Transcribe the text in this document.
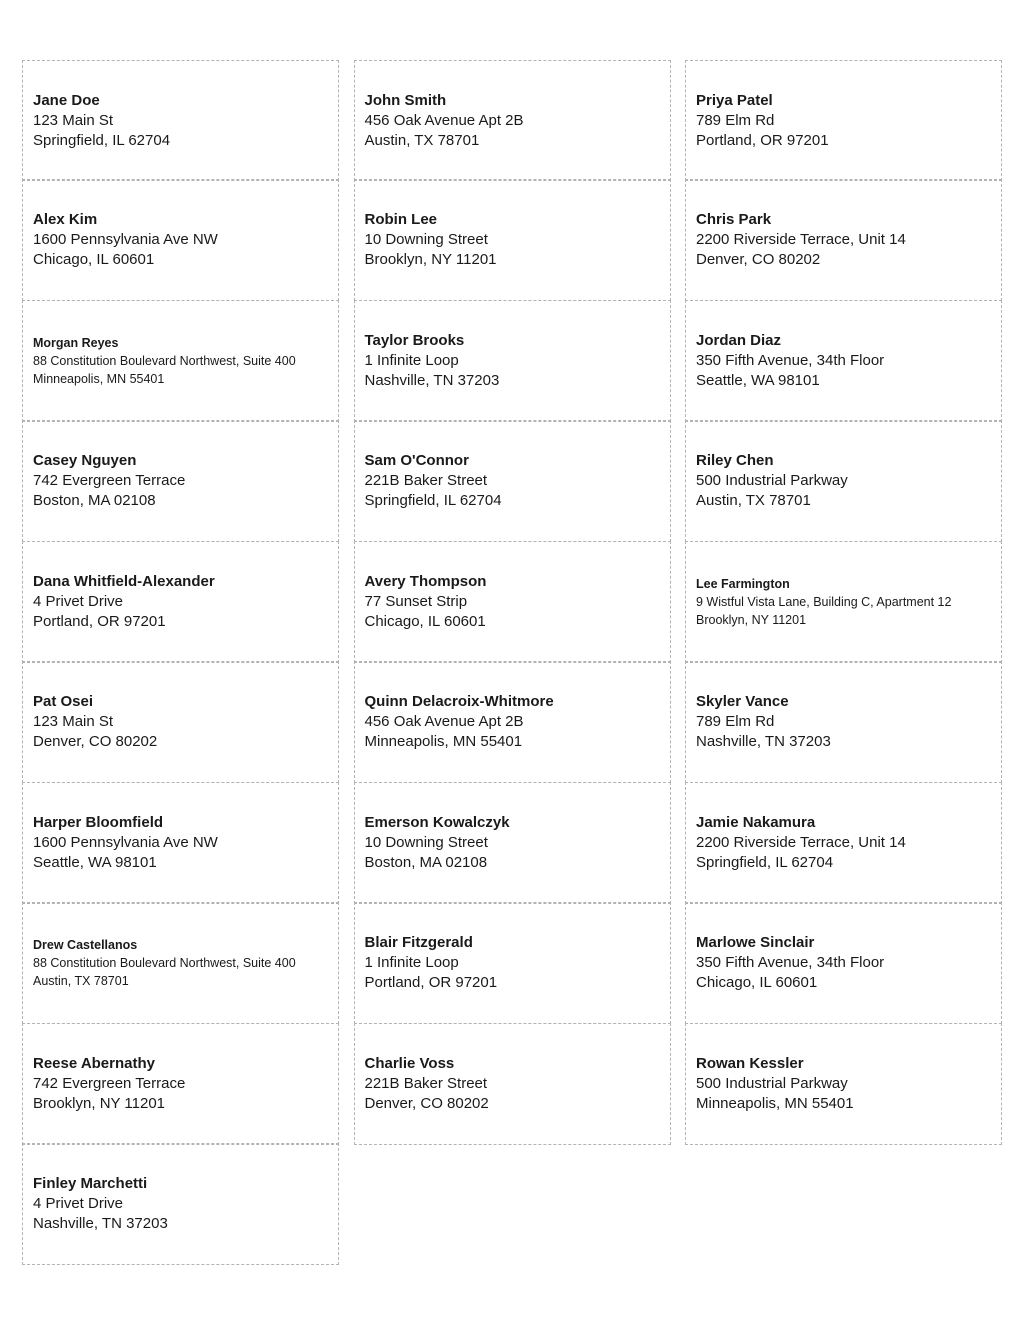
Jane Doe
123 Main St
Springfield, IL 62704
John Smith
456 Oak Avenue Apt 2B
Austin, TX 78701
Priya Patel
789 Elm Rd
Portland, OR 97201
Alex Kim
1600 Pennsylvania Ave NW
Chicago, IL 60601
Robin Lee
10 Downing Street
Brooklyn, NY 11201
Chris Park
2200 Riverside Terrace, Unit 14
Denver, CO 80202
Morgan Reyes
88 Constitution Boulevard Northwest, Suite 400
Minneapolis, MN 55401
Taylor Brooks
1 Infinite Loop
Nashville, TN 37203
Jordan Diaz
350 Fifth Avenue, 34th Floor
Seattle, WA 98101
Casey Nguyen
742 Evergreen Terrace
Boston, MA 02108
Sam O'Connor
221B Baker Street
Springfield, IL 62704
Riley Chen
500 Industrial Parkway
Austin, TX 78701
Dana Whitfield-Alexander
4 Privet Drive
Portland, OR 97201
Avery Thompson
77 Sunset Strip
Chicago, IL 60601
Lee Farmington
9 Wistful Vista Lane, Building C, Apartment 12
Brooklyn, NY 11201
Pat Osei
123 Main St
Denver, CO 80202
Quinn Delacroix-Whitmore
456 Oak Avenue Apt 2B
Minneapolis, MN 55401
Skyler Vance
789 Elm Rd
Nashville, TN 37203
Harper Bloomfield
1600 Pennsylvania Ave NW
Seattle, WA 98101
Emerson Kowalczyk
10 Downing Street
Boston, MA 02108
Jamie Nakamura
2200 Riverside Terrace, Unit 14
Springfield, IL 62704
Drew Castellanos
88 Constitution Boulevard Northwest, Suite 400
Austin, TX 78701
Blair Fitzgerald
1 Infinite Loop
Portland, OR 97201
Marlowe Sinclair
350 Fifth Avenue, 34th Floor
Chicago, IL 60601
Reese Abernathy
742 Evergreen Terrace
Brooklyn, NY 11201
Charlie Voss
221B Baker Street
Denver, CO 80202
Rowan Kessler
500 Industrial Parkway
Minneapolis, MN 55401
Finley Marchetti
4 Privet Drive
Nashville, TN 37203
